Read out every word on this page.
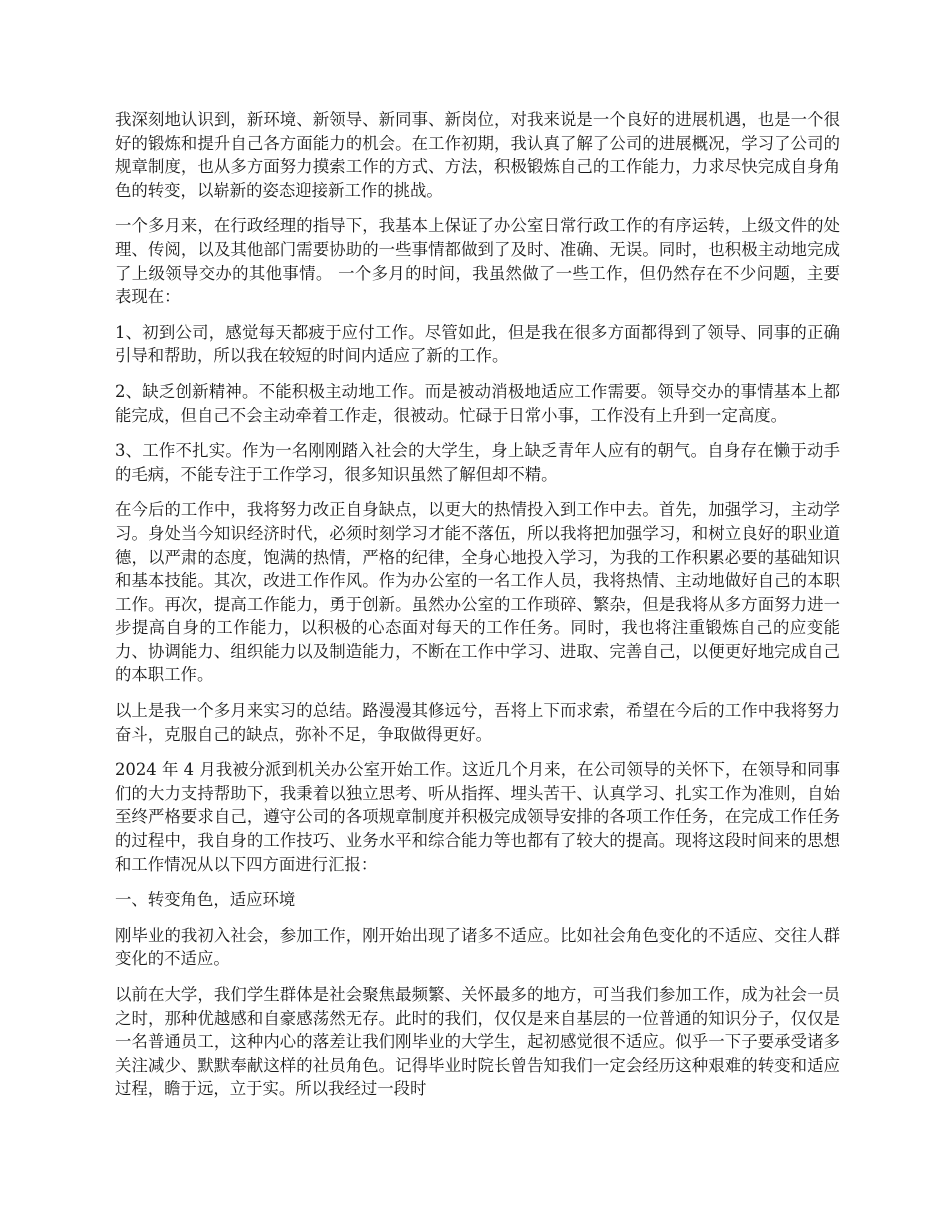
我深刻地认识到，新环境、新领导、新同事、新岗位，对我来说是一个良好的进展机遇，也是一个很好的锻炼和提升自己各方面能力的机会。在工作初期，我认真了解了公司的进展概况，学习了公司的规章制度，也从多方面努力摸索工作的方式、方法，积极锻炼自己的工作能力，力求尽快完成自身角色的转变，以崭新的姿态迎接新工作的挑战。

一个多月来，在行政经理的指导下，我基本上保证了办公室日常行政工作的有序运转，上级文件的处理、传阅，以及其他部门需要协助的一些事情都做到了及时、准确、无误。同时，也积极主动地完成了上级领导交办的其他事情。 一个多月的时间，我虽然做了一些工作，但仍然存在不少问题，主要表现在：

1、初到公司，感觉每天都疲于应付工作。尽管如此，但是我在很多方面都得到了领导、同事的正确引导和帮助，所以我在较短的时间内适应了新的工作。

2、缺乏创新精神。不能积极主动地工作。而是被动消极地适应工作需要。领导交办的事情基本上都能完成，但自己不会主动牵着工作走，很被动。忙碌于日常小事，工作没有上升到一定高度。

3、工作不扎实。作为一名刚刚踏入社会的大学生，身上缺乏青年人应有的朝气。自身存在懒于动手的毛病，不能专注于工作学习，很多知识虽然了解但却不精。

在今后的工作中，我将努力改正自身缺点，以更大的热情投入到工作中去。首先，加强学习，主动学习。身处当今知识经济时代，必须时刻学习才能不落伍，所以我将把加强学习，和树立良好的职业道德，以严肃的态度，饱满的热情，严格的纪律，全身心地投入学习，为我的工作积累必要的基础知识和基本技能。其次，改进工作作风。作为办公室的一名工作人员，我将热情、主动地做好自己的本职工作。再次，提高工作能力，勇于创新。虽然办公室的工作琐碎、繁杂，但是我将从多方面努力进一步提高自身的工作能力，以积极的心态面对每天的工作任务。同时，我也将注重锻炼自己的应变能力、协调能力、组织能力以及制造能力，不断在工作中学习、进取、完善自己，以便更好地完成自己的本职工作。

以上是我一个多月来实习的总结。路漫漫其修远兮，吾将上下而求索，希望在今后的工作中我将努力奋斗，克服自己的缺点，弥补不足，争取做得更好。

2024 年 4 月我被分派到机关办公室开始工作。这近几个月来，在公司领导的关怀下，在领导和同事们的大力支持帮助下，我秉着以独立思考、听从指挥、埋头苦干、认真学习、扎实工作为准则，自始至终严格要求自己，遵守公司的各项规章制度并积极完成领导安排的各项工作任务，在完成工作任务的过程中，我自身的工作技巧、业务水平和综合能力等也都有了较大的提高。现将这段时间来的思想和工作情况从以下四方面进行汇报：

一、转变角色，适应环境

刚毕业的我初入社会，参加工作，刚开始出现了诸多不适应。比如社会角色变化的不适应、交往人群变化的不适应。

以前在大学，我们学生群体是社会聚焦最频繁、关怀最多的地方，可当我们参加工作，成为社会一员之时，那种优越感和自豪感荡然无存。此时的我们，仅仅是来自基层的一位普通的知识分子，仅仅是一名普通员工，这种内心的落差让我们刚毕业的大学生，起初感觉很不适应。似乎一下子要承受诸多关注减少、默默奉献这样的社员角色。记得毕业时院长曾告知我们一定会经历这种艰难的转变和适应过程，瞻于远，立于实。所以我经过一段时
